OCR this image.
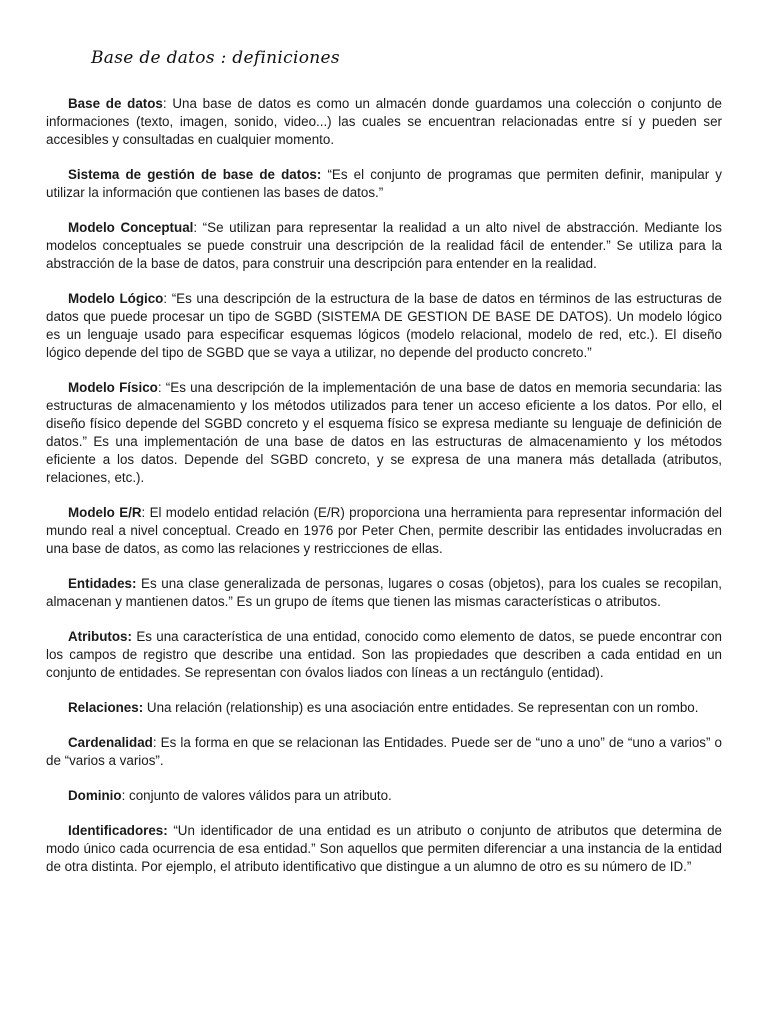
Base de datos : definiciones

Base de datos: Una base de datos es como un almacén donde guardamos una colección o conjunto de informaciones (texto, imagen, sonido, video...) las cuales se encuentran relacionadas entre sí y pueden ser accesibles y consultadas en cualquier momento.

Sistema de gestión de base de datos: “Es el conjunto de programas que permiten definir, manipular y utilizar la información que contienen las bases de datos.”

Modelo Conceptual: “Se utilizan para representar la realidad a un alto nivel de abstracción. Mediante los modelos conceptuales se puede construir una descripción de la realidad fácil de entender.” Se utiliza para la abstracción de la base de datos, para construir una descripción para entender en la realidad.

Modelo Lógico: “Es una descripción de la estructura de la base de datos en términos de las estructuras de datos que puede procesar un tipo de SGBD (SISTEMA DE GESTION DE BASE DE DATOS). Un modelo lógico es un lenguaje usado para especificar esquemas lógicos (modelo relacional, modelo de red, etc.). El diseño lógico depende del tipo de SGBD que se vaya a utilizar, no depende del producto concreto.”

Modelo Físico: “Es una descripción de la implementación de una base de datos en memoria secundaria: las estructuras de almacenamiento y los métodos utilizados para tener un acceso eficiente a los datos. Por ello, el diseño físico depende del SGBD concreto y el esquema físico se expresa mediante su lenguaje de definición de datos.” Es una implementación de una base de datos en las estructuras de almacenamiento y los métodos eficiente a los datos. Depende del SGBD concreto, y se expresa de una manera más detallada (atributos, relaciones, etc.).

Modelo E/R: El modelo entidad relación (E/R) proporciona una herramienta para representar información del mundo real a nivel conceptual. Creado en 1976 por Peter Chen, permite describir las entidades involucradas en una base de datos, as como las relaciones y restricciones de ellas.

Entidades: Es una clase generalizada de personas, lugares o cosas (objetos), para los cuales se recopilan, almacenan y mantienen datos.” Es un grupo de ítems que tienen las mismas características o atributos.

Atributos: Es una característica de una entidad, conocido como elemento de datos, se puede encontrar con los campos de registro que describe una entidad. Son las propiedades que describen a cada entidad en un conjunto de entidades. Se representan con óvalos liados con líneas a un rectángulo (entidad).

Relaciones: Una relación (relationship) es una asociación entre entidades. Se representan con un rombo.

Cardenalidad: Es la forma en que se relacionan las Entidades. Puede ser de “uno a uno” de “uno a varios” o de “varios a varios”.

Dominio: conjunto de valores válidos para un atributo.

Identificadores: “Un identificador de una entidad es un atributo o conjunto de atributos que determina de modo único cada ocurrencia de esa entidad.” Son aquellos que permiten diferenciar a una instancia de la entidad de otra distinta. Por ejemplo, el atributo identificativo que distingue a un alumno de otro es su número de ID.”
